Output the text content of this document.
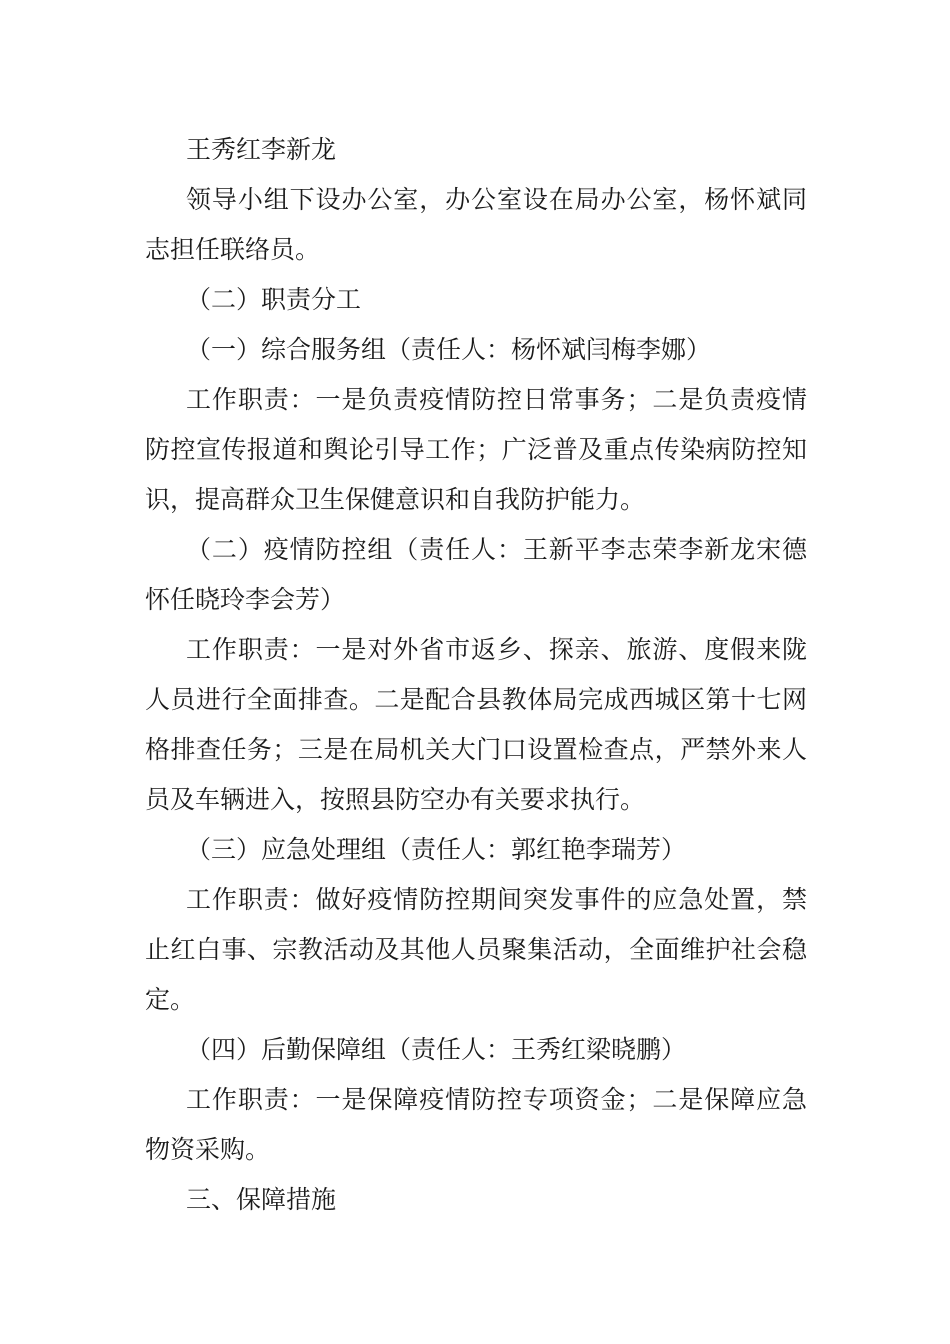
王秀红李新龙

领导小组下设办公室，办公室设在局办公室，杨怀斌同志担任联络员。

（二）职责分工

（一）综合服务组（责任人：杨怀斌闫梅李娜）

工作职责：一是负责疫情防控日常事务；二是负责疫情防控宣传报道和舆论引导工作；广泛普及重点传染病防控知识，提高群众卫生保健意识和自我防护能力。

（二）疫情防控组（责任人：王新平李志荣李新龙宋德怀任晓玲李会芳）

工作职责：一是对外省市返乡、探亲、旅游、度假来陇人员进行全面排查。二是配合县教体局完成西城区第十七网格排查任务；三是在局机关大门口设置检查点，严禁外来人员及车辆进入，按照县防空办有关要求执行。

（三）应急处理组（责任人：郭红艳李瑞芳）

工作职责：做好疫情防控期间突发事件的应急处置，禁止红白事、宗教活动及其他人员聚集活动，全面维护社会稳定。

（四）后勤保障组（责任人：王秀红梁晓鹏）

工作职责：一是保障疫情防控专项资金；二是保障应急物资采购。

三、保障措施
